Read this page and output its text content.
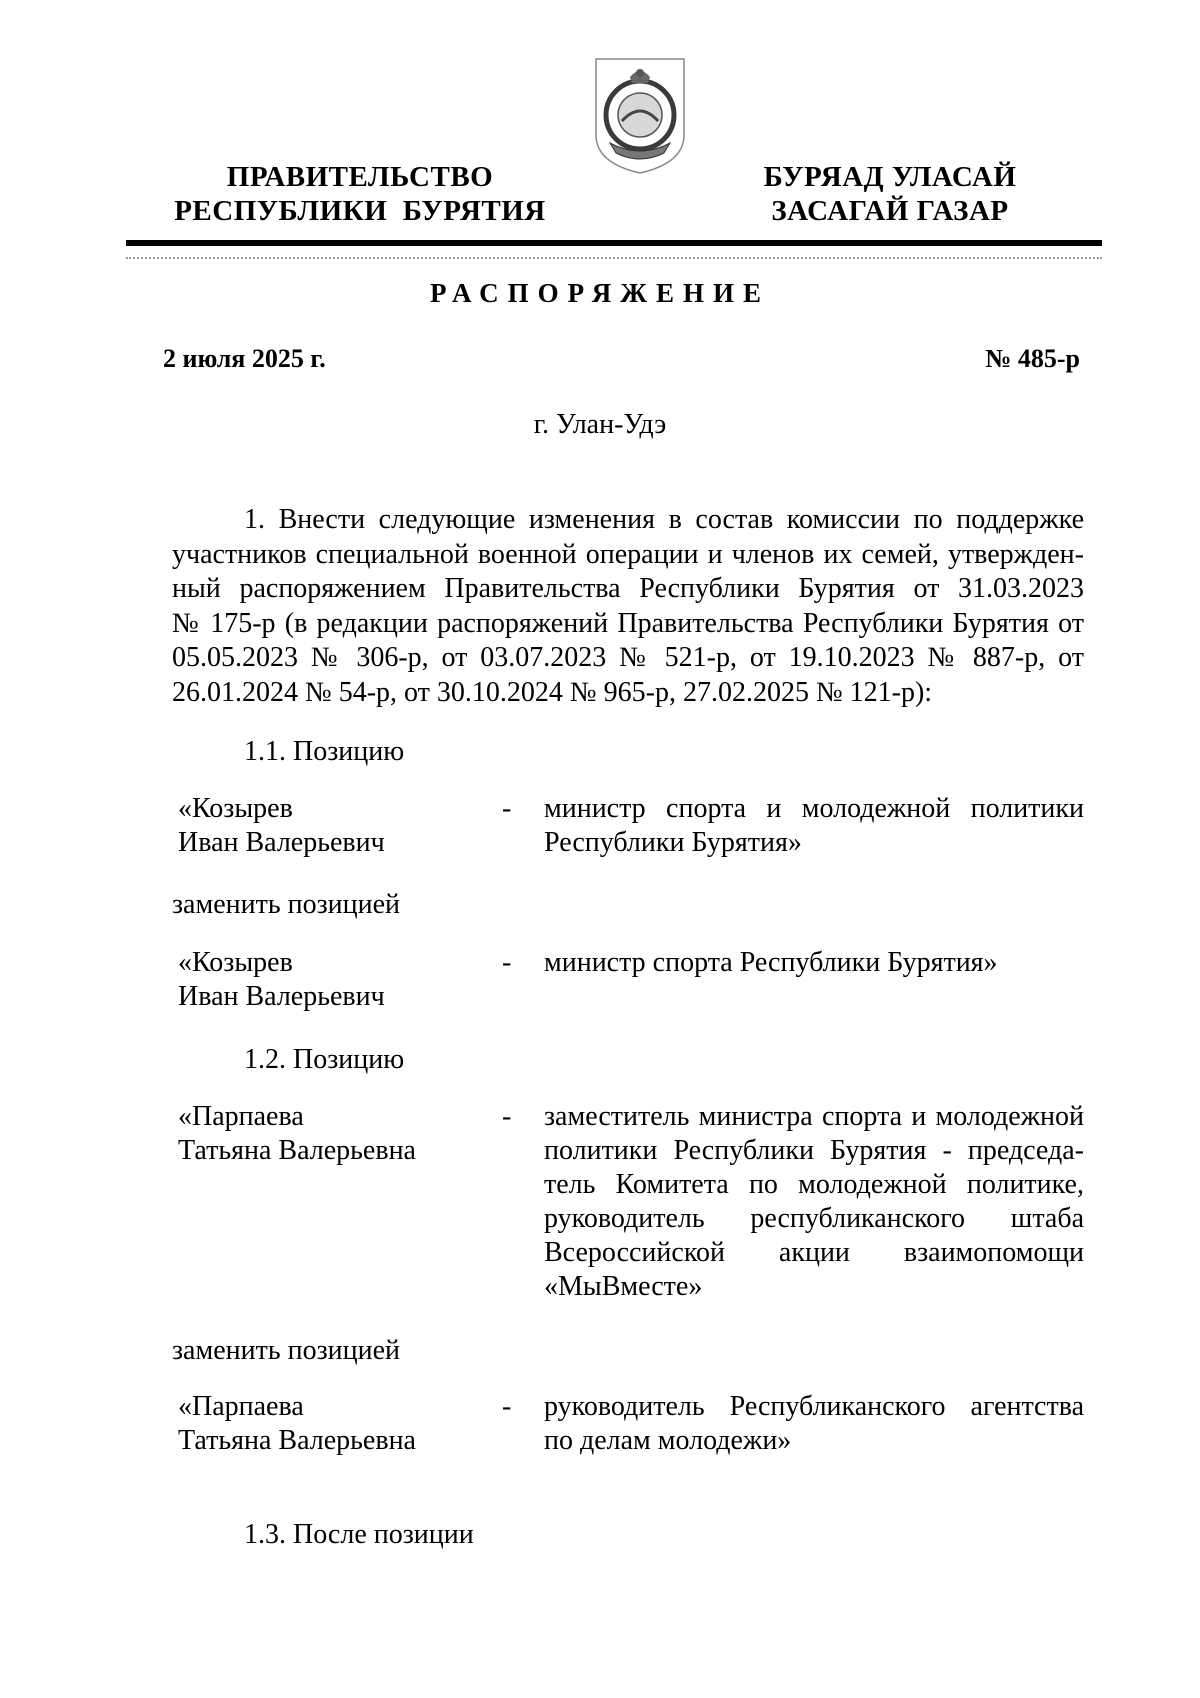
ПРАВИТЕЛЬСТВО
РЕСПУБЛИКИ  БУРЯТИЯ
БУРЯАД УЛАСАЙ
ЗАСАГАЙ ГАЗАР
РАСПОРЯЖЕНИЕ
2 июля 2025 г.	№ 485-р
г. Улан-Удэ
1. Внести следующие изменения в состав комиссии по поддержке
участников специальной военной операции и членов их семей, утвержден-
ный распоряжением Правительства Республики Бурятия от 31.03.2023
№ 175-р (в редакции распоряжений Правительства Республики Бурятия от
05.05.2023 № 306-р, от 03.07.2023 № 521-р, от 19.10.2023 № 887-р, от
26.01.2024 № 54-р, от 30.10.2024 № 965-р, 27.02.2025 № 121-р):
1.1. Позицию
«Козырев
Иван Валерьевич
- министр спорта и молодежной политики
Республики Бурятия»
заменить позицией
«Козырев
Иван Валерьевич
- министр спорта Республики Бурятия»
1.2. Позицию
«Парпаева
Татьяна Валерьевна
- заместитель министра спорта и молодежной
политики Республики Бурятия - председа-
тель Комитета по молодежной политике,
руководитель республиканского штаба
Всероссийской акции взаимопомощи
«МыВместе»
заменить позицией
«Парпаева
Татьяна Валерьевна
- руководитель Республиканского агентства
по делам молодежи»
1.3. После позиции
